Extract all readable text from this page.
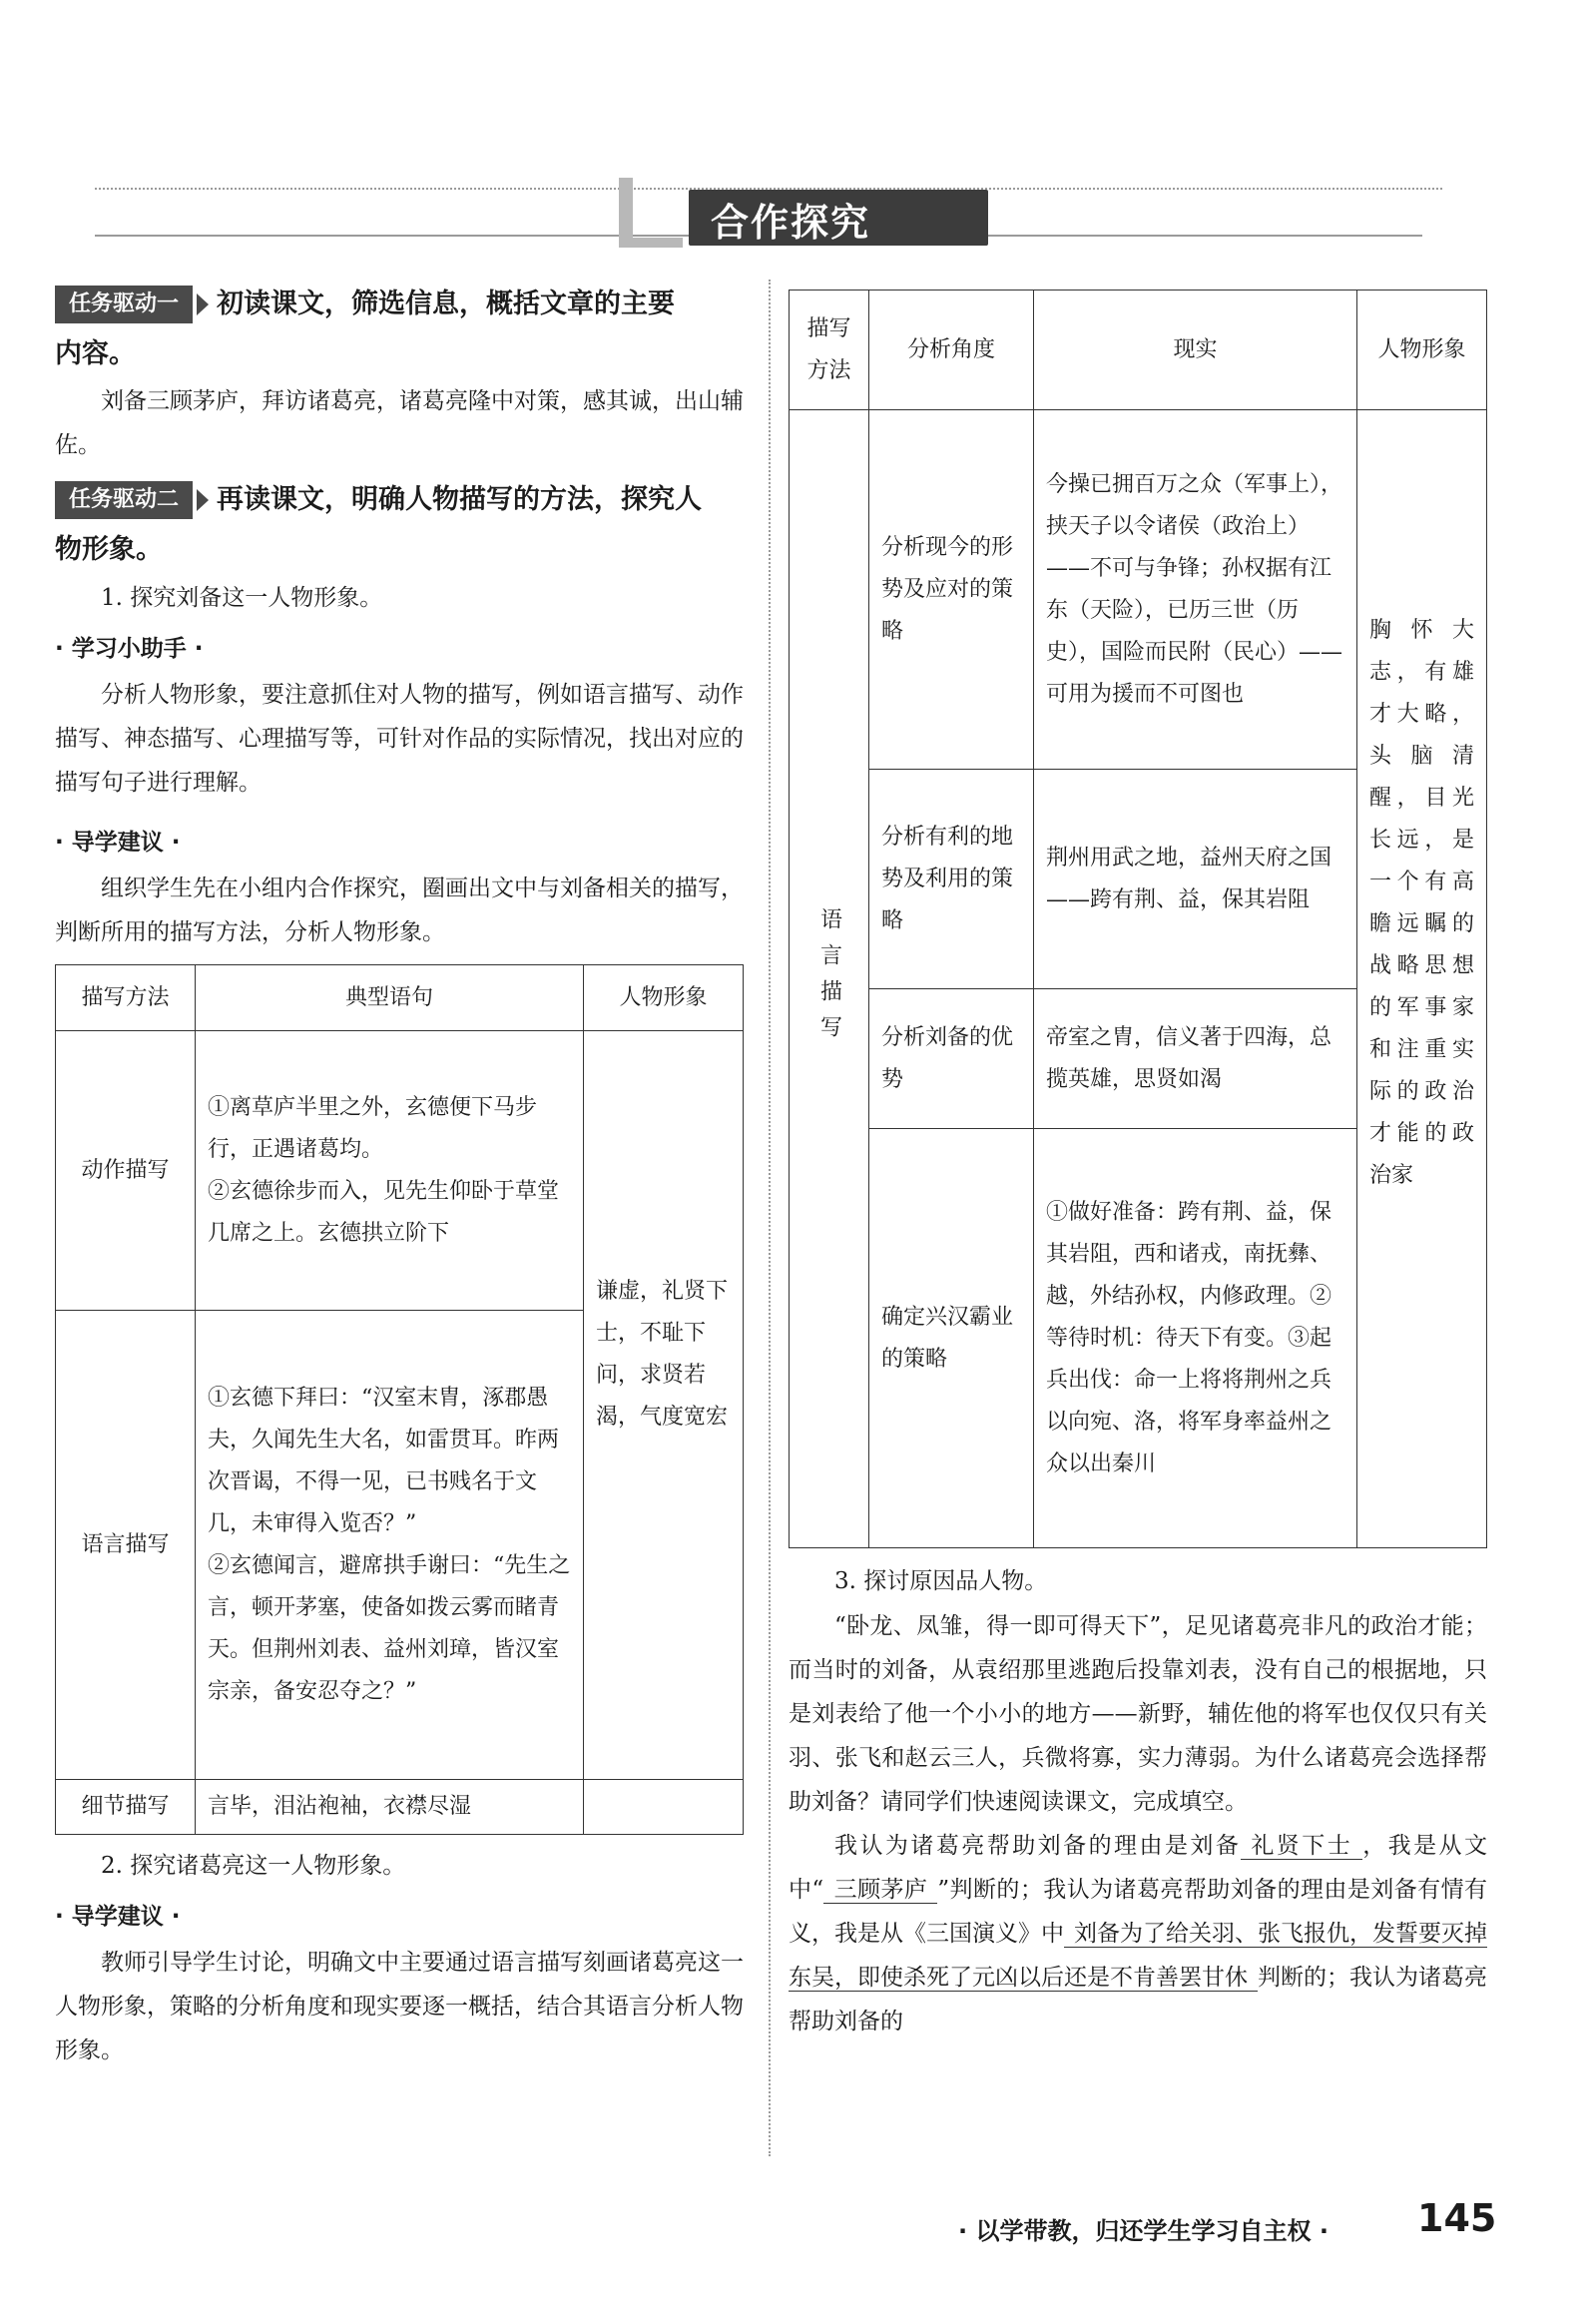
合作探究
任务驱动一	初读课文，筛选信息，概括文章的主要
内容。
刘备三顾茅庐，拜访诸葛亮，诸葛亮隆中对策，感其诚，出山辅佐。
任务驱动二	再读课文，明确人物描写的方法，探究人
物形象。
1. 探究刘备这一人物形象。
· 学习小助手 ·
分析人物形象，要注意抓住对人物的描写，例如语言描写、动作描写、神态描写、心理描写等，可针对作品的实际情况，找出对应的描写句子进行理解。
· 导学建议 ·
组织学生先在小组内合作探究，圈画出文中与刘备相关的描写，判断所用的描写方法，分析人物形象。
描写方法	典型语句	人物形象
动作描写	①离草庐半里之外，玄德便下马步行，正遇诸葛均。
②玄德徐步而入，见先生仰卧于草堂几席之上。玄德拱立阶下	谦虚，礼贤下士，不耻下问，求贤若渴，气度宽宏
语言描写	①玄德下拜曰：“汉室末胄，涿郡愚夫，久闻先生大名，如雷贯耳。昨两次晋谒，不得一见，已书贱名于文几，未审得入览否？”
②玄德闻言，避席拱手谢曰：“先生之言，顿开茅塞，使备如拨云雾而睹青天。但荆州刘表、益州刘璋，皆汉室宗亲，备安忍夺之？”	

细节描写	言毕，泪沾袍袖，衣襟尽湿	

2. 探究诸葛亮这一人物形象。
· 导学建议 ·
教师引导学生讨论，明确文中主要通过语言描写刻画诸葛亮这一人物形象，策略的分析角度和现实要逐一概括，结合其语言分析人物形象。
描写方法	分析角度	现实	人物形象

语言描写	分析现今的形势及应对的策略	今操已拥百万之众（军事上），挟天子以令诸侯（政治上）——不可与争锋；孙权据有江东（天险），已历三世（历史），国险而民附（民心）——可用为援而不可图也	胸怀大志，有雄才大略，头脑清醒，目光长远，是一个有高瞻远瞩的战略思想的军事家和注重实际的政治才能的政治家
	分析有利的地势及利用的策略	荆州用武之地，益州天府之国——跨有荆、益，保其岩阻	
	分析刘备的优势	帝室之胄，信义著于四海，总揽英雄，思贤如渴	
	确定兴汉霸业的策略	①做好准备：跨有荆、益，保其岩阻，西和诸戎，南抚彝、越，外结孙权，内修政理。②等待时机：待天下有变。③起兵出伐：命一上将将荆州之兵以向宛、洛，将军身率益州之众以出秦川	
3. 探讨原因品人物。
“卧龙、凤雏，得一即可得天下”，足见诸葛亮非凡的政治才能；而当时的刘备，从袁绍那里逃跑后投靠刘表，没有自己的根据地，只是刘表给了他一个小小的地方——新野，辅佐他的将军也仅仅只有关羽、张飞和赵云三人，兵微将寡，实力薄弱。为什么诸葛亮会选择帮助刘备？请同学们快速阅读课文，完成填空。
我认为诸葛亮帮助刘备的理由是刘备 礼贤下士 ，我是从文中“ 三顾茅庐 ”判断的；我认为诸葛亮帮助刘备的理由是刘备有情有义，我是从《三国演义》中 刘备为了给关羽、张飞报仇，发誓要灭掉东吴，即使杀死了元凶以后还是不肯善罢甘休 判断的；我认为诸葛亮帮助刘备的
· 以学带教，归还学生学习自主权 · 145
